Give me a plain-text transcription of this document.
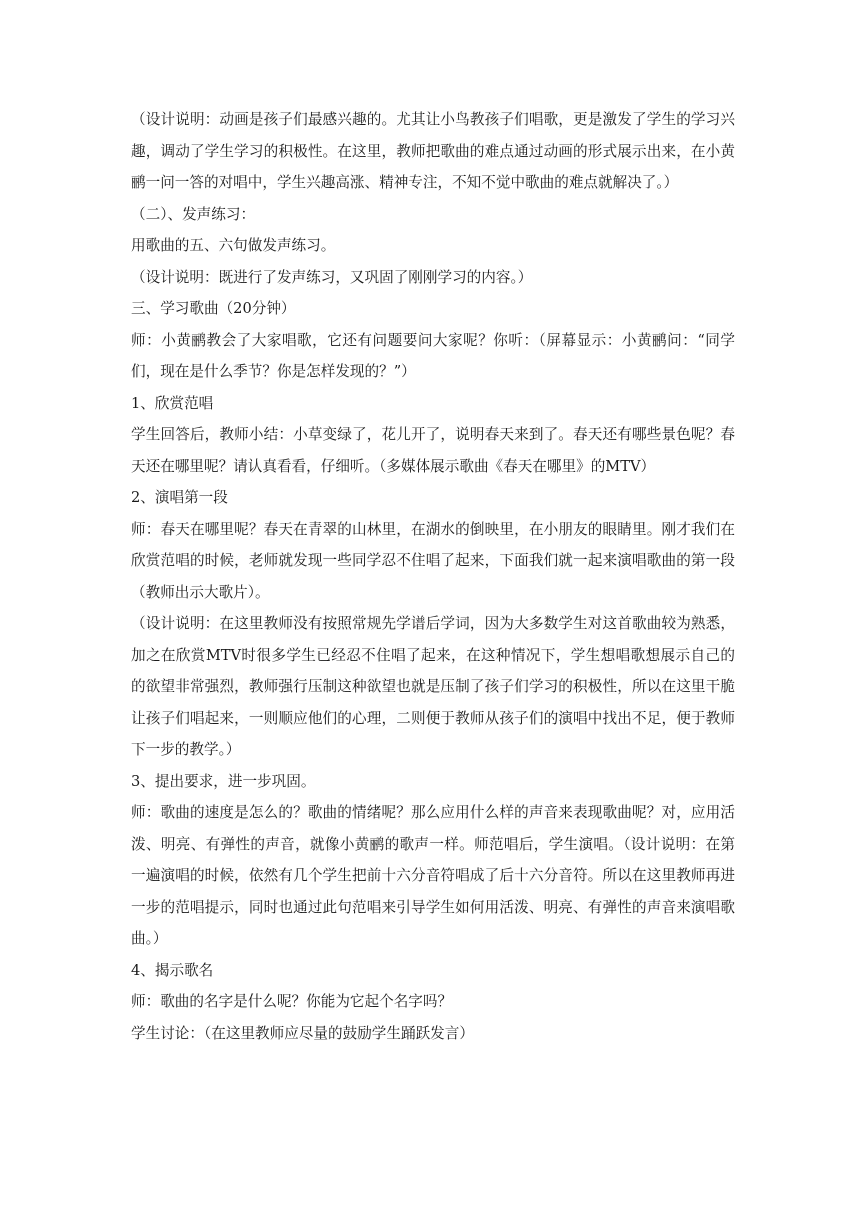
（设计说明：动画是孩子们最感兴趣的。尤其让小鸟教孩子们唱歌，更是激发了学生的学习兴趣，调动了学生学习的积极性。在这里，教师把歌曲的难点通过动画的形式展示出来，在小黄鹂一问一答的对唱中，学生兴趣高涨、精神专注，不知不觉中歌曲的难点就解决了。）

（二）、发声练习：

用歌曲的五、六句做发声练习。

（设计说明：既进行了发声练习，又巩固了刚刚学习的内容。）

三、学习歌曲（20分钟）

师：小黄鹂教会了大家唱歌，它还有问题要问大家呢？你听：（屏幕显示：小黄鹂问：“同学们，现在是什么季节？你是怎样发现的？”）

1、欣赏范唱

学生回答后，教师小结：小草变绿了，花儿开了，说明春天来到了。春天还有哪些景色呢？春天还在哪里呢？请认真看看，仔细听。（多媒体展示歌曲《春天在哪里》的MTV）

2、演唱第一段

师：春天在哪里呢？春天在青翠的山林里，在湖水的倒映里，在小朋友的眼睛里。刚才我们在欣赏范唱的时候，老师就发现一些同学忍不住唱了起来，下面我们就一起来演唱歌曲的第一段（教师出示大歌片）。

（设计说明：在这里教师没有按照常规先学谱后学词，因为大多数学生对这首歌曲较为熟悉，加之在欣赏MTV时很多学生已经忍不住唱了起来，在这种情况下，学生想唱歌想展示自己的的欲望非常强烈，教师强行压制这种欲望也就是压制了孩子们学习的积极性，所以在这里干脆让孩子们唱起来，一则顺应他们的心理，二则便于教师从孩子们的演唱中找出不足，便于教师下一步的教学。）

3、提出要求，进一步巩固。

师：歌曲的速度是怎么的？歌曲的情绪呢？那么应用什么样的声音来表现歌曲呢？对，应用活泼、明亮、有弹性的声音，就像小黄鹂的歌声一样。师范唱后，学生演唱。（设计说明：在第一遍演唱的时候，依然有几个学生把前十六分音符唱成了后十六分音符。所以在这里教师再进一步的范唱提示，同时也通过此句范唱来引导学生如何用活泼、明亮、有弹性的声音来演唱歌曲。）

4、揭示歌名

师：歌曲的名字是什么呢？你能为它起个名字吗？

学生讨论：（在这里教师应尽量的鼓励学生踊跃发言）
